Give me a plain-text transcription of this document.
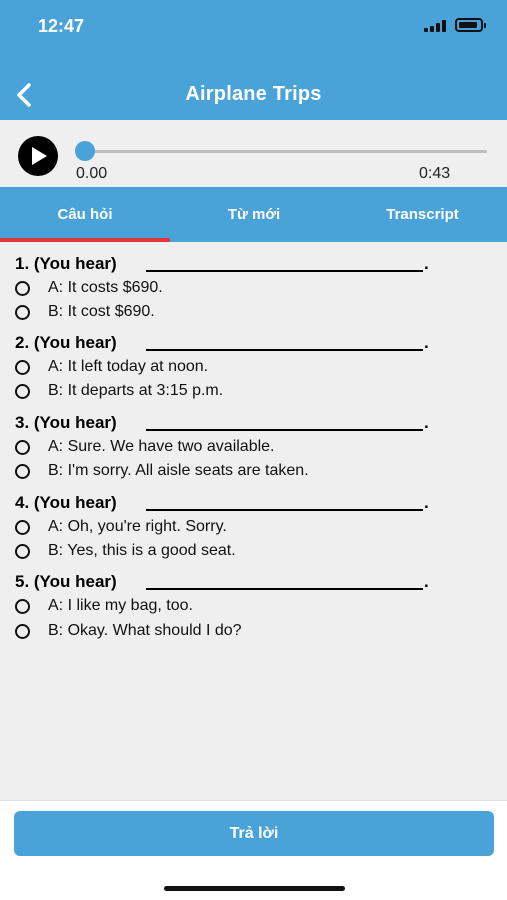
12:47
Airplane Trips
0.00	0:43
Câu hỏi	Từ mới	Transcript
1. (You hear)	.
A: It costs $690.
B: It cost $690.
2. (You hear)	.
A: It left today at noon.
B: It departs at 3:15 p.m.
3. (You hear)	.
A: Sure. We have two available.
B: I'm sorry. All aisle seats are taken.
4. (You hear)	.
A: Oh, you're right. Sorry.
B: Yes, this is a good seat.
5. (You hear)	.
A: I like my bag, too.
B: Okay. What should I do?
Trả lời
